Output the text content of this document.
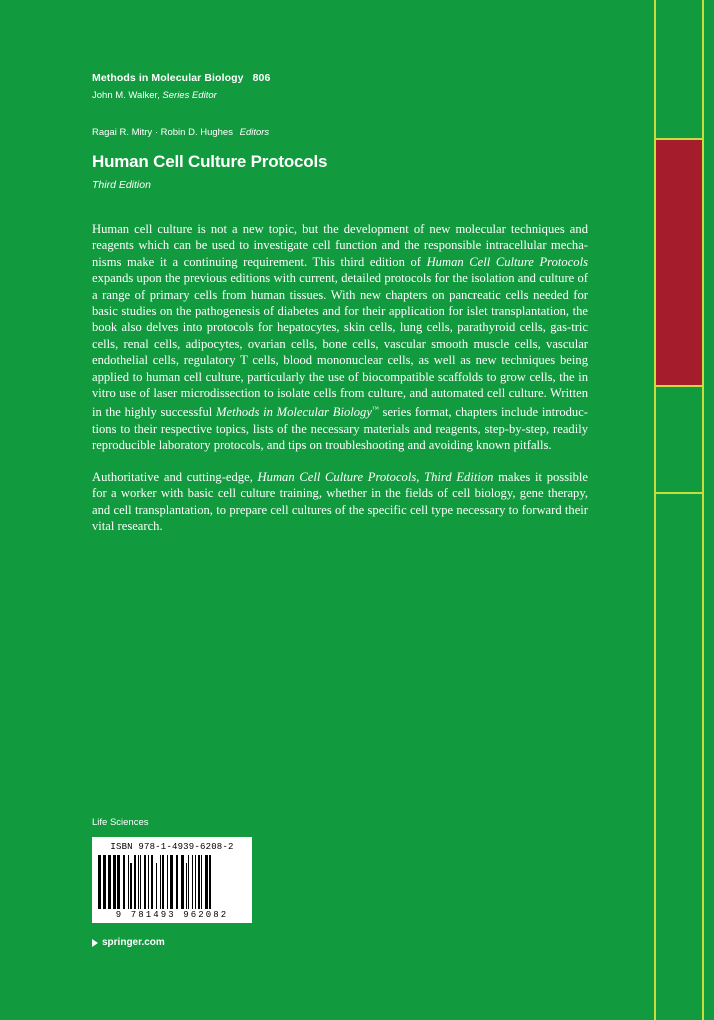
Methods in Molecular Biology 806
John M. Walker, Series Editor
Ragai R. Mitry · Robin D. Hughes Editors
Human Cell Culture Protocols
Third Edition
Human cell culture is not a new topic, but the development of new molecular techniques and reagents which can be used to investigate cell function and the responsible intracellular mecha-nisms make it a continuing requirement. This third edition of Human Cell Culture Protocols expands upon the previous editions with current, detailed protocols for the isolation and culture of a range of primary cells from human tissues. With new chapters on pancreatic cells needed for basic studies on the pathogenesis of diabetes and for their application for islet transplantation, the book also delves into protocols for hepatocytes, skin cells, lung cells, parathyroid cells, gas-tric cells, renal cells, adipocytes, ovarian cells, bone cells, vascular smooth muscle cells, vascular endothelial cells, regulatory T cells, blood mononuclear cells, as well as new techniques being applied to human cell culture, particularly the use of biocompatible scaffolds to grow cells, the in vitro use of laser microdissection to isolate cells from culture, and automated cell culture. Written in the highly successful Methods in Molecular Biology™ series format, chapters include introduc-tions to their respective topics, lists of the necessary materials and reagents, step-by-step, readily reproducible laboratory protocols, and tips on troubleshooting and avoiding known pitfalls.
Authoritative and cutting-edge, Human Cell Culture Protocols, Third Edition makes it possible for a worker with basic cell culture training, whether in the fields of cell biology, gene therapy, and cell transplantation, to prepare cell cultures of the specific cell type necessary to forward their vital research.
Life Sciences
ISBN 978-1-4939-6208-2
9 781493 962082
springer.com
